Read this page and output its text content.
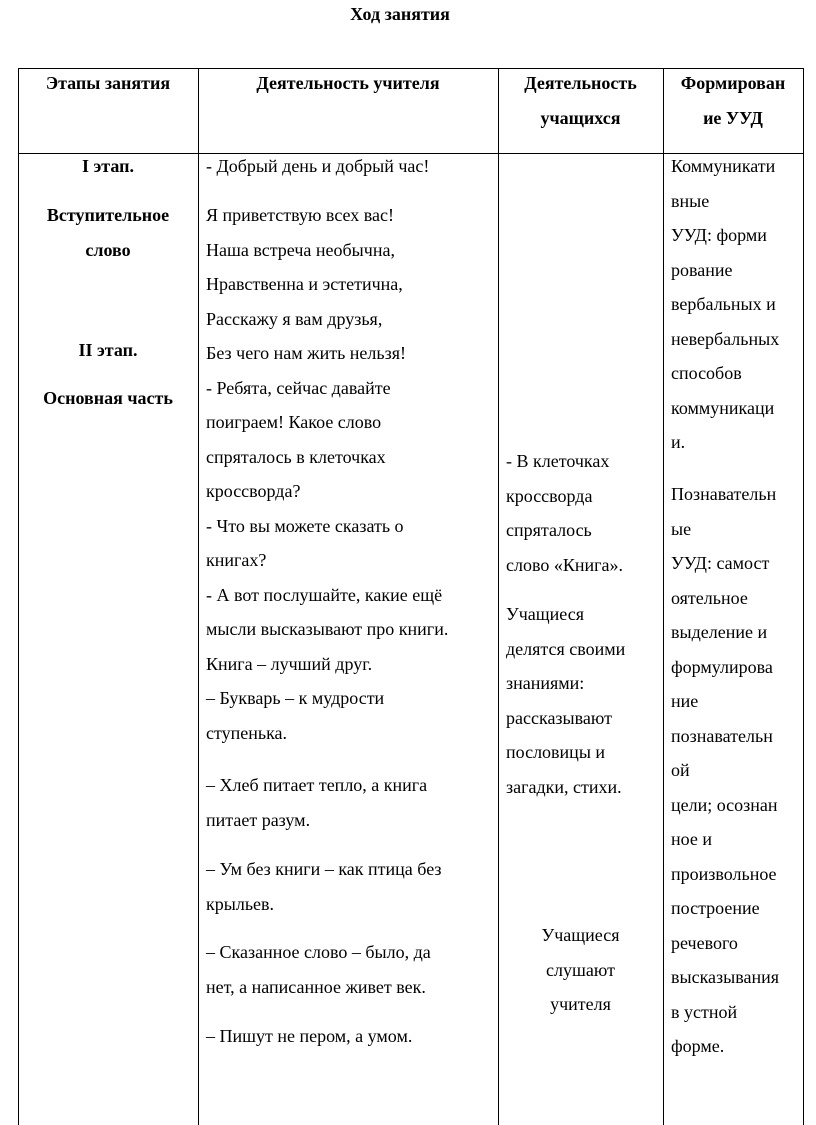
Ход занятия
Этапы занятия	Деятельность учителя	Деятельность
учащихся
Формирован
ие УУД
I этап.
Вступительное
слово
II этап.
Основная часть
- Добрый день и добрый час!
Я приветствую всех вас!
Наша встреча необычна,
Нравственна и эстетична,
Расскажу я вам друзья,
Без чего нам жить нельзя!
- Ребята, сейчас давайте
поиграем! Какое слово
спряталось в клеточках
кроссворда?
- Что вы можете сказать о
книгах?
- А вот послушайте, какие ещё
мысли высказывают про книги.
Книга – лучший друг.
– Букварь – к мудрости
ступенька.
– Хлеб питает тепло, а книга
питает разум.
– Ум без книги – как птица без
крыльев.
– Сказанное слово – было, да
нет, а написанное живет век.
– Пишут не пером, а умом.
- В клеточках
кроссворда
спряталось
слово «Книга».
Учащиеся
делятся своими
знаниями:
рассказывают
пословицы и
загадки, стихи.
Учащиеся
слушают
учителя
Коммуникати
вные
УУД: форми
рование
вербальных и
невербальных
способов
коммуникаци
и.
Познавательн
ые
УУД: самост
оятельное
выделение и
формулирова
ние
познавательн
ой
цели; осознан
ное и
произвольное
построение
речевого
высказывания
в устной
форме.
